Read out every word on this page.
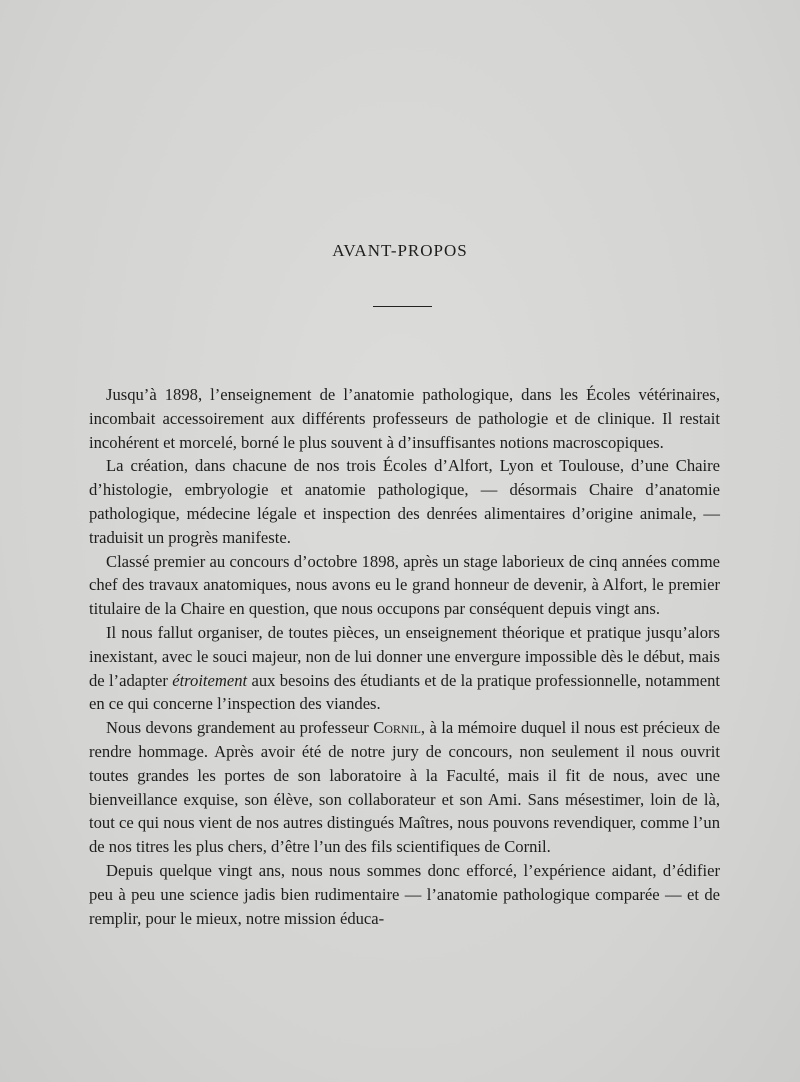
AVANT-PROPOS

Jusqu’à 1898, l’enseignement de l’anatomie pathologique, dans les Écoles vétérinaires, incombait accessoirement aux différents professeurs de pathologie et de clinique. Il restait incohérent et morcelé, borné le plus souvent à d’insuffisantes notions macroscopiques.

La création, dans chacune de nos trois Écoles d’Alfort, Lyon et Toulouse, d’une Chaire d’histologie, embryologie et anatomie pathologique, — désormais Chaire d’anatomie pathologique, médecine légale et inspection des denrées alimentaires d’origine animale, — traduisit un progrès manifeste.

Classé premier au concours d’octobre 1898, après un stage laborieux de cinq années comme chef des travaux anatomiques, nous avons eu le grand honneur de devenir, à Alfort, le premier titulaire de la Chaire en question, que nous occupons par conséquent depuis vingt ans.

Il nous fallut organiser, de toutes pièces, un enseignement théorique et pratique jusqu’alors inexistant, avec le souci majeur, non de lui donner une envergure impossible dès le début, mais de l’adapter étroitement aux besoins des étudiants et de la pratique professionnelle, notamment en ce qui concerne l’inspection des viandes.

Nous devons grandement au professeur Cornil, à la mémoire duquel il nous est précieux de rendre hommage. Après avoir été de notre jury de concours, non seulement il nous ouvrit toutes grandes les portes de son laboratoire à la Faculté, mais il fit de nous, avec une bienveillance exquise, son élève, son collaborateur et son Ami. Sans mésestimer, loin de là, tout ce qui nous vient de nos autres distingués Maîtres, nous pouvons revendiquer, comme l’un de nos titres les plus chers, d’être l’un des fils scientifiques de Cornil.

Depuis quelque vingt ans, nous nous sommes donc efforcé, l’expérience aidant, d’édifier peu à peu une science jadis bien rudimentaire — l’anatomie pathologique comparée — et de remplir, pour le mieux, notre mission éduca-
